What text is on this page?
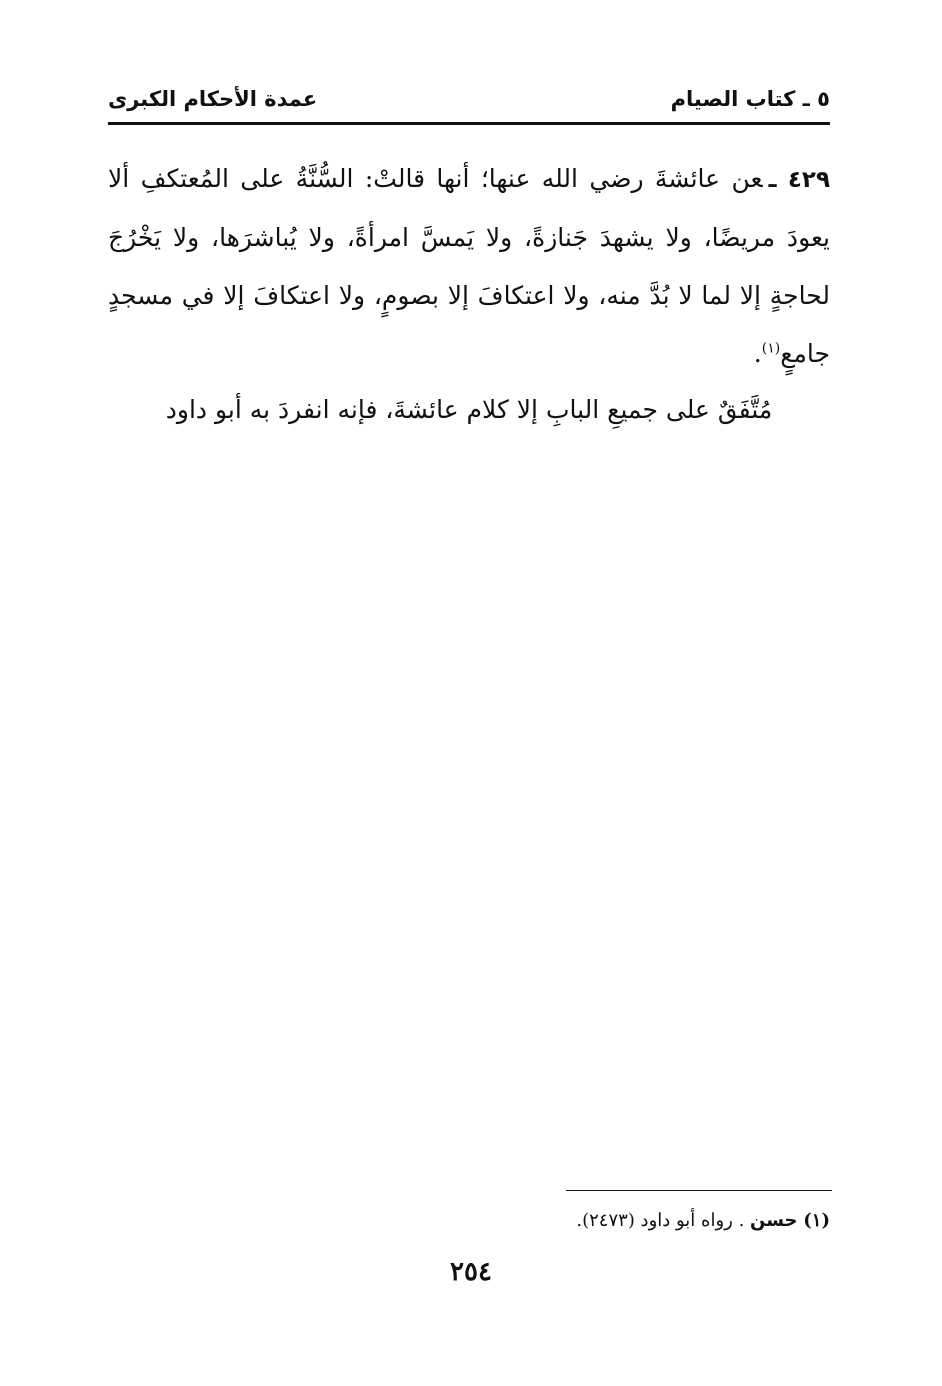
٥ ـ كتاب الصيام
عمدة الأحكام الكبرى
٤٢٩ ـعن عائشةَ رضي الله عنها؛ أنها قالتْ: السُّنَّةُ على المُعتكفِ ألا يعودَ مريضًا، ولا يشهدَ جَنازةً، ولا يَمسَّ امرأةً، ولا يُباشرَها، ولا يَخْرُجَ لحاجةٍ إلا لما لا بُدَّ منه، ولا اعتكافَ إلا بصومٍ، ولا اعتكافَ إلا في مسجدٍ جامعٍ$^{(١)}$.
مُتَّفَقٌ على جميعِ البابِ إلا كلام عائشةَ، فإنه انفردَ به أبو داود
(١) حسن . رواه أبو داود (٢٤٧٣).
٢٥٤
